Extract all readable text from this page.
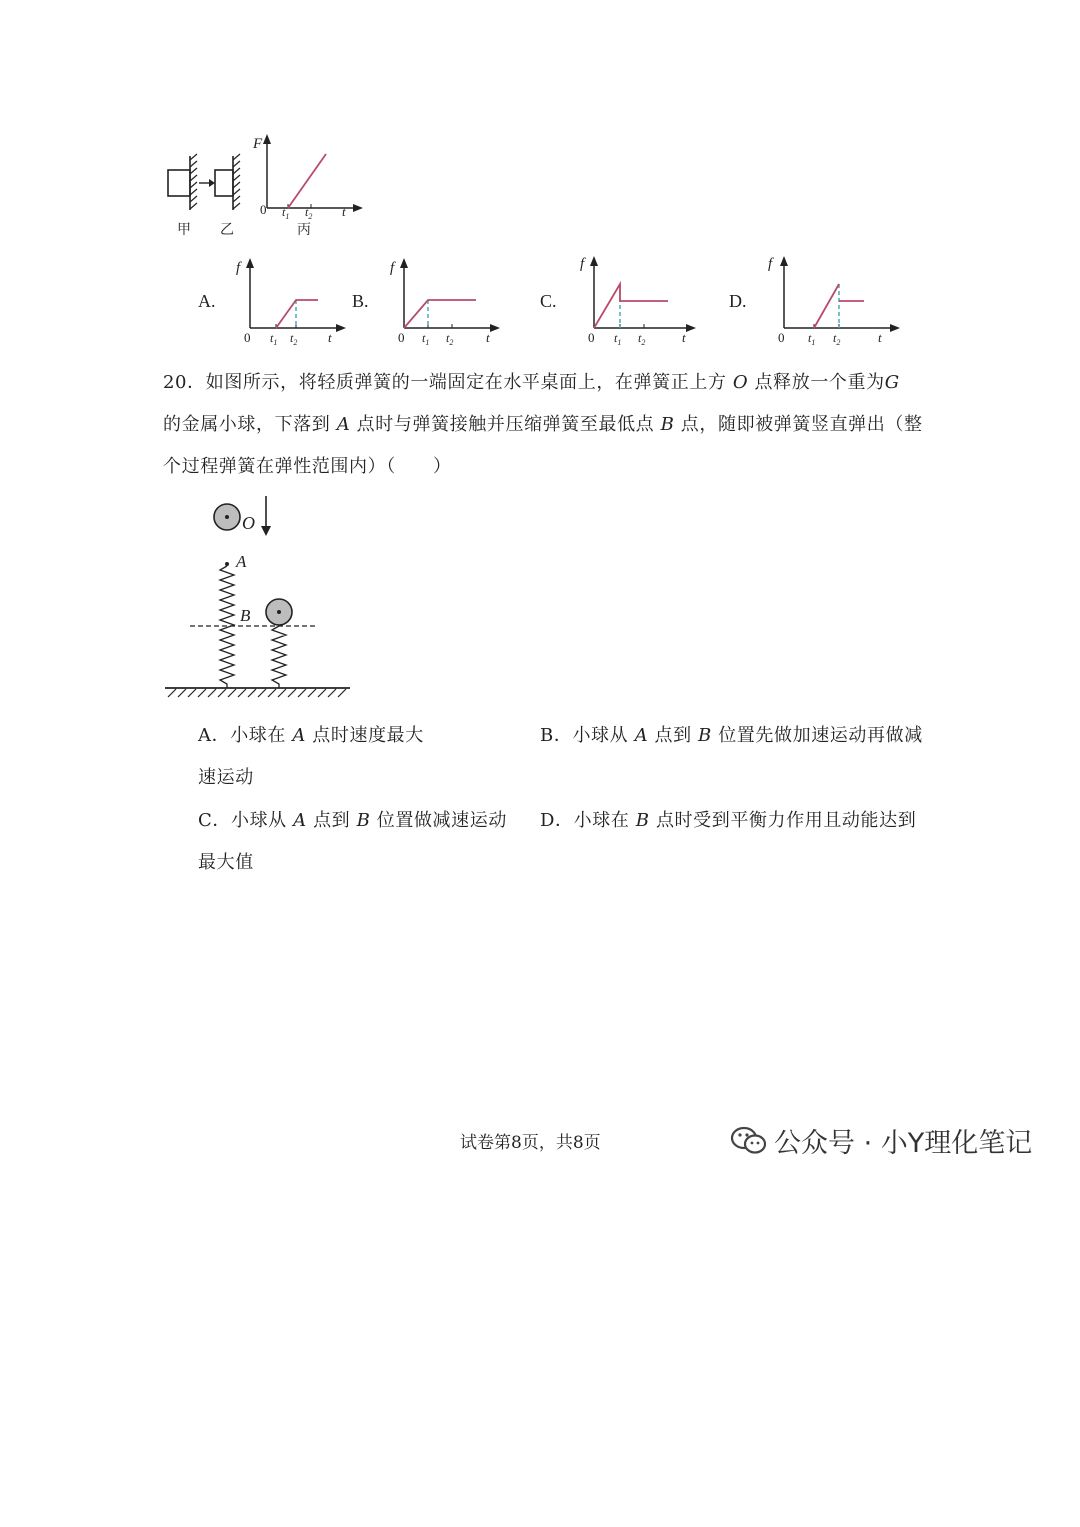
F
0 $t_1$ $t_2$ t
甲 乙	丙
A.
f
0 $t_1$ $t_2$ t
B.
f
0 $t_1$ $t_2$	t
C.
f
0 $t_1$ $t_2$	t
D.
f
0 $t_1$ $t_2$	t
20．如图所示，将轻质弹簧的一端固定在水平桌面上，在弹簧正上方 O 点释放一个重为G
的金属小球，下落到 A 点时与弹簧接触并压缩弹簧至最低点 B 点，随即被弹簧竖直弹出（整
个过程弹簧在弹性范围内）（　　）
O
A
B
A．小球在 A 点时速度最大	B．小球从 A 点到 B 位置先做加速运动再做减
速运动
C．小球从 A 点到 B 位置做减速运动 D．小球在 B 点时受到平衡力作用且动能达到
最大值
试卷第8页，共8页	公众号 · 小Y理化笔记
